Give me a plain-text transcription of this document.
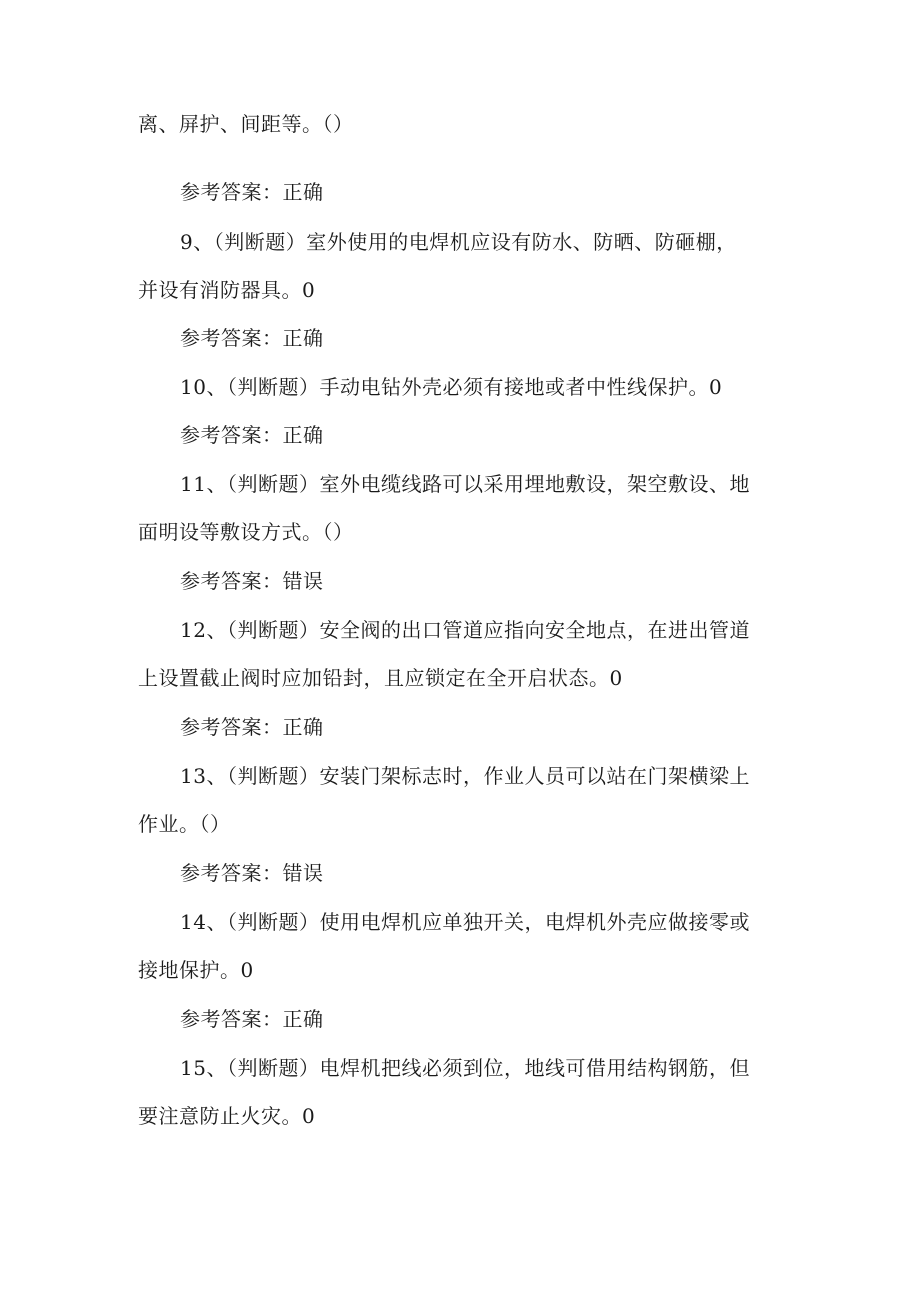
离、屏护、间距等。（）
参考答案：正确
9、（判断题）室外使用的电焊机应设有防水、防晒、防砸棚，
并设有消防器具。0
参考答案：正确
10、（判断题）手动电钻外壳必须有接地或者中性线保护。0
参考答案：正确
11、（判断题）室外电缆线路可以采用埋地敷设，架空敷设、地
面明设等敷设方式。（）
参考答案：错误
12、（判断题）安全阀的出口管道应指向安全地点，在进出管道
上设置截止阀时应加铅封，且应锁定在全开启状态。0
参考答案：正确
13、（判断题）安装门架标志时，作业人员可以站在门架横梁上
作业。（）
参考答案：错误
14、（判断题）使用电焊机应单独开关，电焊机外壳应做接零或
接地保护。0
参考答案：正确
15、（判断题）电焊机把线必须到位，地线可借用结构钢筋，但
要注意防止火灾。0
